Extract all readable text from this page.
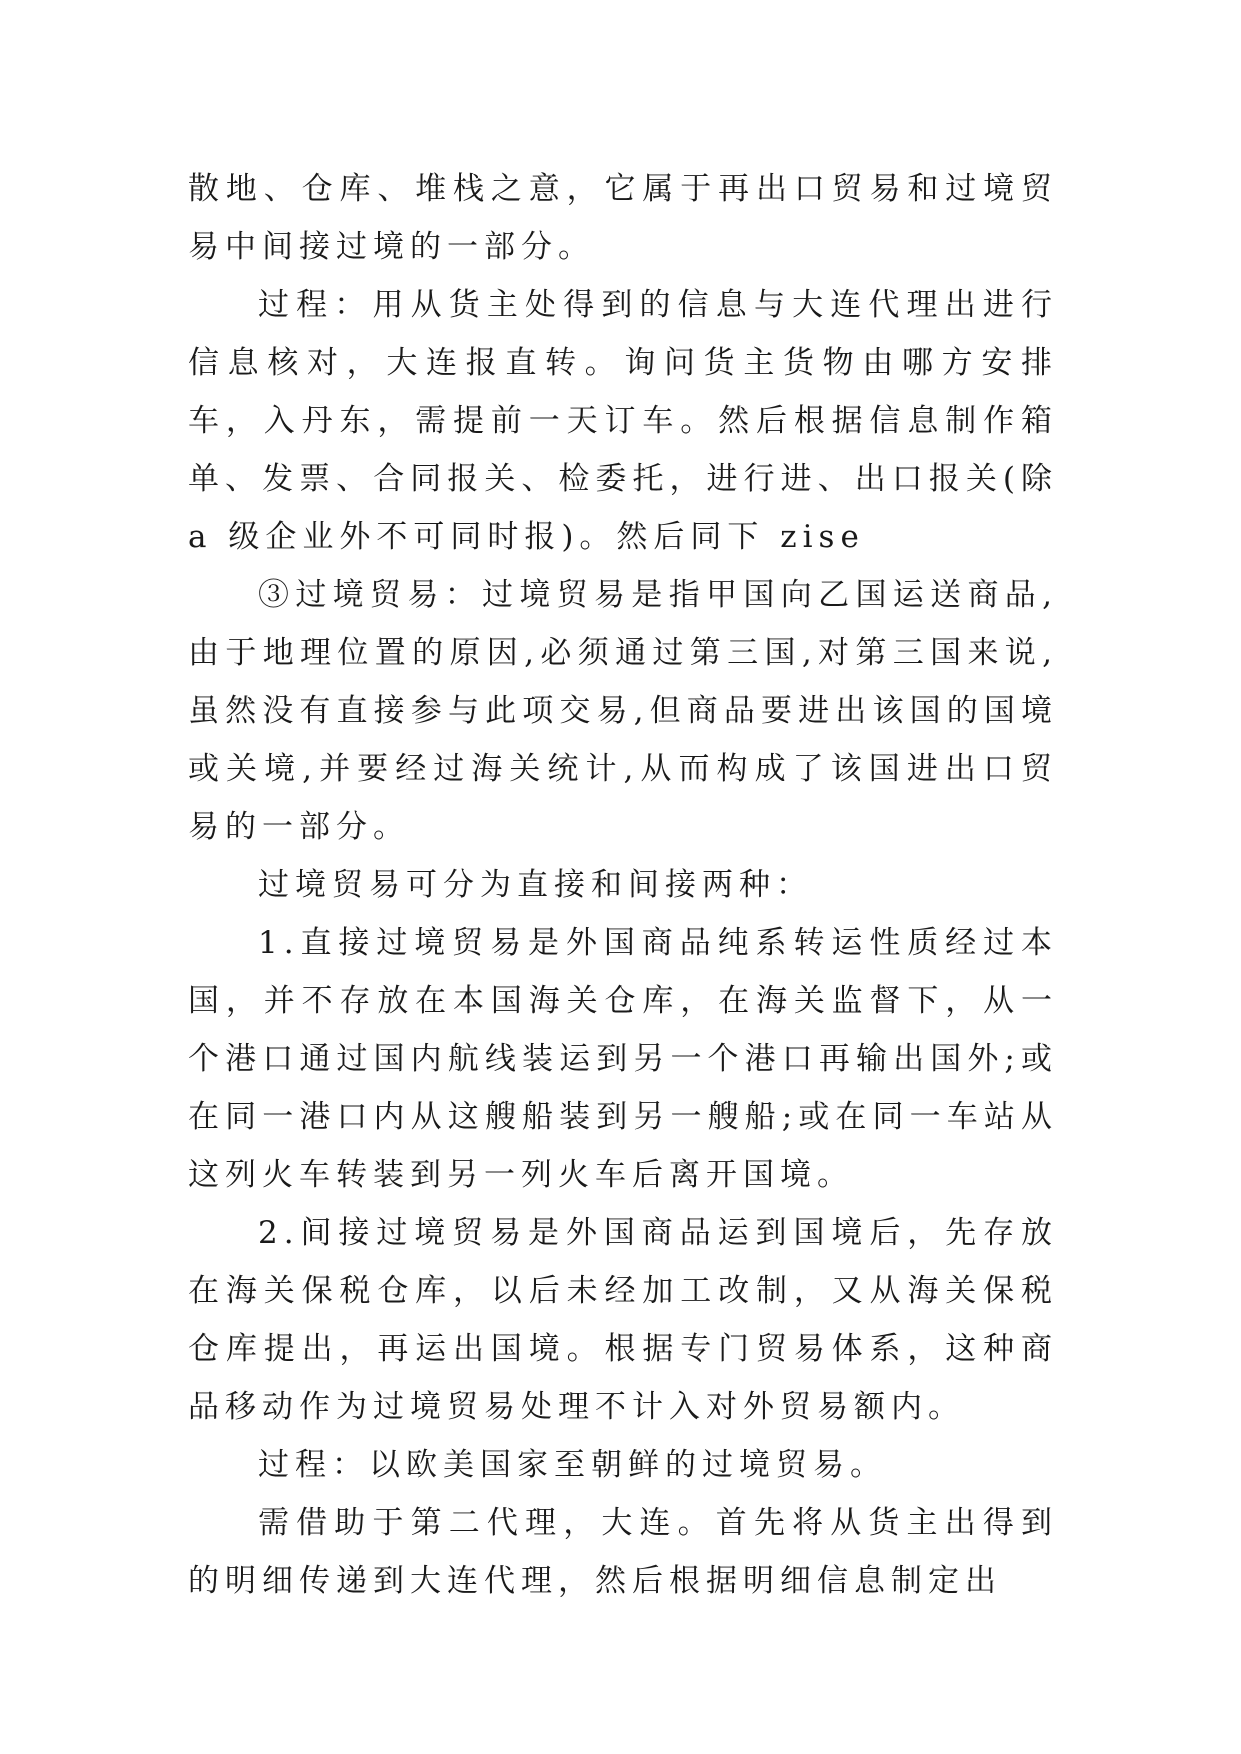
散地、仓库、堆栈之意，它属于再出口贸易和过境贸易中间接过境的一部分。

过程：用从货主处得到的信息与大连代理出进行信息核对，大连报直转。询问货主货物由哪方安排车，入丹东，需提前一天订车。然后根据信息制作箱单、发票、合同报关、检委托，进行进、出口报关(除 a 级企业外不可同时报)。然后同下 zise

③过境贸易：过境贸易是指甲国向乙国运送商品,由于地理位置的原因,必须通过第三国,对第三国来说,虽然没有直接参与此项交易,但商品要进出该国的国境或关境,并要经过海关统计,从而构成了该国进出口贸易的一部分。

过境贸易可分为直接和间接两种：

1.直接过境贸易是外国商品纯系转运性质经过本国，并不存放在本国海关仓库，在海关监督下，从一个港口通过国内航线装运到另一个港口再输出国外;或在同一港口内从这艘船装到另一艘船;或在同一车站从这列火车转装到另一列火车后离开国境。

2.间接过境贸易是外国商品运到国境后，先存放在海关保税仓库，以后未经加工改制，又从海关保税仓库提出，再运出国境。根据专门贸易体系，这种商品移动作为过境贸易处理不计入对外贸易额内。

过程：以欧美国家至朝鲜的过境贸易。

需借助于第二代理，大连。首先将从货主出得到的明细传递到大连代理，然后根据明细信息制定出
